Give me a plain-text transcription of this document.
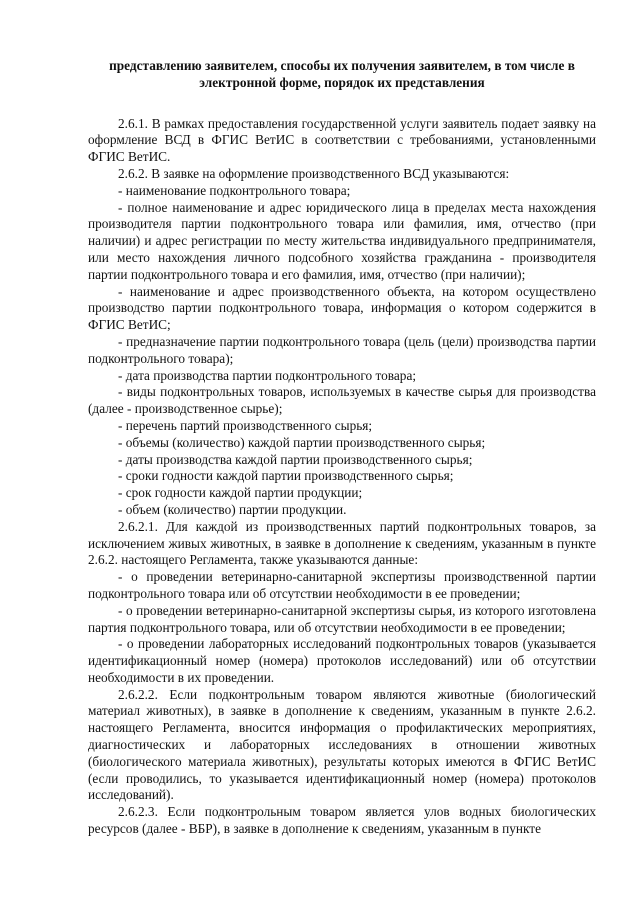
представлению заявителем, способы их получения заявителем, в том числе в
электронной форме, порядок их представления

2.6.1. В рамках предоставления государственной услуги заявитель подает заявку на оформление ВСД в ФГИС ВетИС в соответствии с требованиями, установленными ФГИС ВетИС.

2.6.2. В заявке на оформление производственного ВСД указываются:

- наименование подконтрольного товара;

- полное наименование и адрес юридического лица в пределах места нахождения производителя партии подконтрольного товара или фамилия, имя, отчество (при наличии) и адрес регистрации по месту жительства индивидуального предпринимателя, или место нахождения личного подсобного хозяйства гражданина - производителя партии подконтрольного товара и его фамилия, имя, отчество (при наличии);

- наименование и адрес производственного объекта, на котором осуществлено производство партии подконтрольного товара, информация о котором содержится в ФГИС ВетИС;

- предназначение партии подконтрольного товара (цель (цели) производства партии подконтрольного товара);

- дата производства партии подконтрольного товара;

- виды подконтрольных товаров, используемых в качестве сырья для производства (далее - производственное сырье);

- перечень партий производственного сырья;

- объемы (количество) каждой партии производственного сырья;

- даты производства каждой партии производственного сырья;

- сроки годности каждой партии производственного сырья;

- срок годности каждой партии продукции;

- объем (количество) партии продукции.

2.6.2.1. Для каждой из производственных партий подконтрольных товаров, за исключением живых животных, в заявке в дополнение к сведениям, указанным в пункте 2.6.2. настоящего Регламента, также указываются данные:

- о проведении ветеринарно-санитарной экспертизы производственной партии подконтрольного товара или об отсутствии необходимости в ее проведении;

- о проведении ветеринарно-санитарной экспертизы сырья, из которого изготовлена партия подконтрольного товара, или об отсутствии необходимости в ее проведении;

- о проведении лабораторных исследований подконтрольных товаров (указывается идентификационный номер (номера) протоколов исследований) или об отсутствии необходимости в их проведении.

2.6.2.2. Если подконтрольным товаром являются животные (биологический материал животных), в заявке в дополнение к сведениям, указанным в пункте 2.6.2. настоящего Регламента, вносится информация о профилактических мероприятиях, диагностических и лабораторных исследованиях в отношении животных (биологического материала животных), результаты которых имеются в ФГИС ВетИС (если проводились, то указывается идентификационный номер (номера) протоколов исследований).

2.6.2.3. Если подконтрольным товаром является улов водных биологических ресурсов (далее - ВБР), в заявке в дополнение к сведениям, указанным в пункте
